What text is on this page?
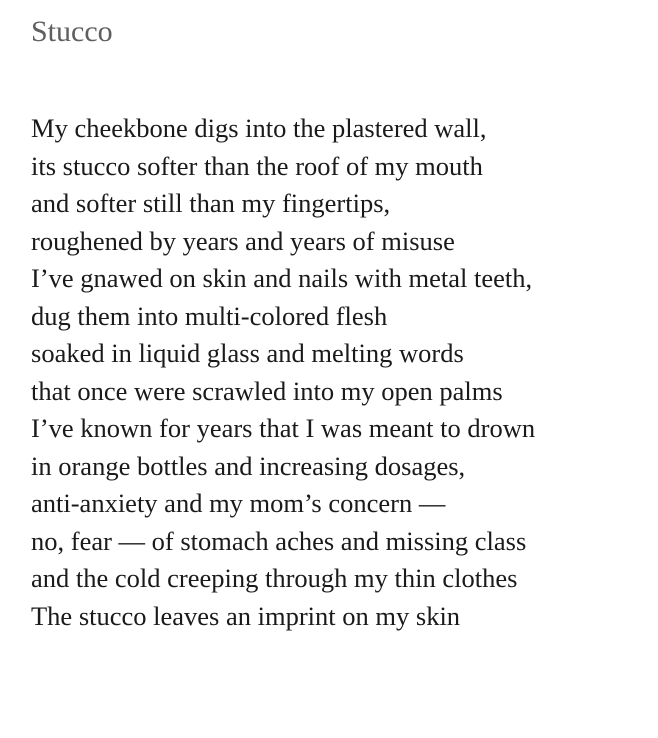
Stucco
My cheekbone digs into the plastered wall,
its stucco softer than the roof of my mouth
and softer still than my fingertips,
roughened by years and years of misuse
I’ve gnawed on skin and nails with metal teeth,
dug them into multi-colored flesh
soaked in liquid glass and melting words
that once were scrawled into my open palms
I’ve known for years that I was meant to drown
in orange bottles and increasing dosages,
anti-anxiety and my mom’s concern —
no, fear — of stomach aches and missing class
and the cold creeping through my thin clothes
The stucco leaves an imprint on my skin
